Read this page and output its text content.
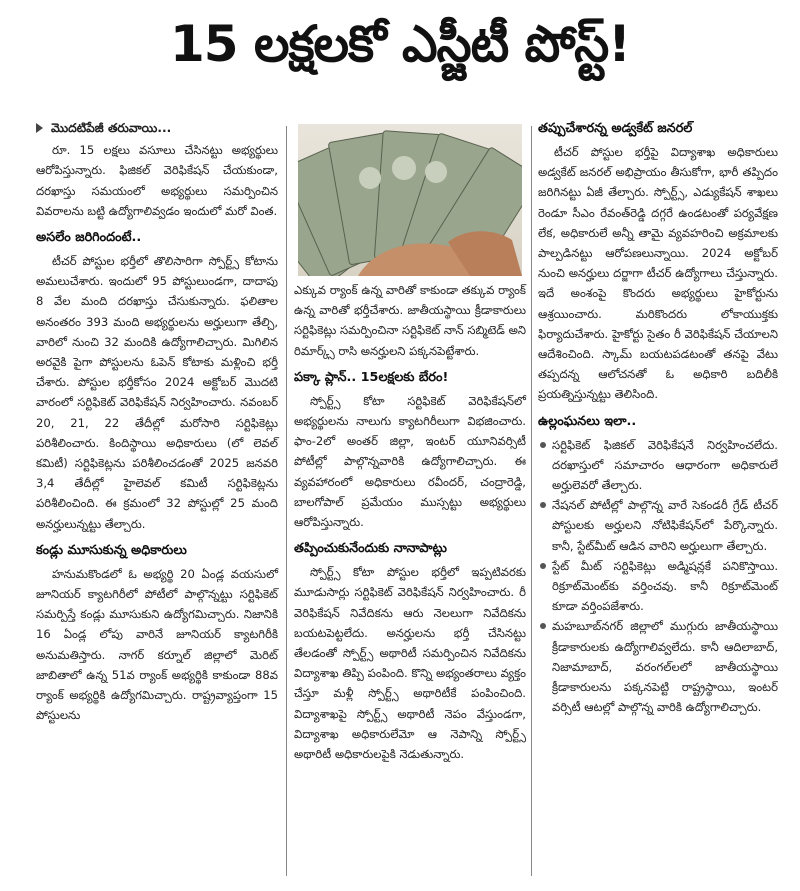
15 లక్షలకో ఎస్జీటీ పోస్ట్!
మొదటిపేజీ తరువాయి...

రూ. 15 లక్షలు వసూలు చేసినట్టు అభ్యర్థులు ఆరోపిస్తున్నారు. ఫిజికల్ వెరిఫికేషన్ చేయకుండా, దరఖాస్తు సమయంలో అభ్యర్థులు సమర్పించిన వివరాలను బట్టి ఉద్యోగాలివ్వడం ఇందులో మరో వింత.

అసలేం జరిగిందంటే..

టీచర్ పోస్టుల భర్తీలో తొలిసారిగా స్పోర్ట్స్ కోటాను అమలుచేశారు. ఇందులో 95 పోస్టులుండగా, దాదాపు 8 వేల మంది దరఖాస్తు చేసుకున్నారు. ఫలితాల అనంతరం 393 మంది అభ్యర్థులను అర్హులుగా తేల్చి, వారిలో నుంచి 32 మందికి ఉద్యోగాలిచ్చారు. మిగిలిన అరవైకి పైగా పోస్టులను ఓపెన్ కోటాకు మళ్లించి భర్తీ చేశారు. పోస్టుల భర్తీకోసం 2024 అక్టోబర్ మొదటి వారంలో సర్టిఫికెట్ వెరిఫికేషన్ నిర్వహించారు. నవంబర్ 20, 21, 22 తేదీల్లో మరోసారి సర్టిఫికెట్లు పరిశీలించారు. కిందిస్థాయి అధికారులు (లో లెవల్ కమిటీ) సర్టిఫికెట్లను పరిశీలించడంతో 2025 జనవరి 3,4 తేదీల్లో హైలెవల్ కమిటీ సర్టిఫికెట్లను పరిశీలించింది. ఈ క్రమంలో 32 పోస్టుల్లో 25 మంది అనర్హులున్నట్టు తేల్చారు.

కండ్లు మూసుకున్న అధికారులు

హనుమకొండలో ఓ అభ్యర్థి 20 ఏండ్ల వయసులో జూనియర్ క్యాటగిరీలో పోటీలో పాల్గొన్నట్టు సర్టిఫికెట్ సమర్పిస్తే కండ్లు మూసుకుని ఉద్యోగమిచ్చారు. నిజానికి 16 ఏండ్ల లోపు వారినే జూనియర్ క్యాటగిరీకి అనుమతిస్తారు. నాగర్ కర్నూల్ జిల్లాలో మెరిట్ జాబితాలో ఉన్న 51వ ర్యాంక్ అభ్యర్థికి కాకుండా 88వ ర్యాంక్ అభ్యర్థికి ఉద్యోగమిచ్చారు. రాష్ట్రవ్యాప్తంగా 15 పోస్టులను

ఎక్కువ ర్యాంక్ ఉన్న వారితో కాకుండా తక్కువ ర్యాంక్ ఉన్న వారితో భర్తీచేశారు. జాతీయస్థాయి క్రీడాకారులు సర్టిఫికెట్లు సమర్పించినా సర్టిఫికెట్ నాన్ సబ్మిటెడ్ అని రిమార్క్స్ రాసి అనర్హులని పక్కనపెట్టేశారు.

పక్కా ప్లాన్.. 15లక్షలకు బేరం!

స్పోర్ట్స్ కోటా సర్టిఫికెట్ వెరిఫికేషన్‌లో అభ్యర్థులను నాలుగు క్యాటగిరీలుగా విభజించారు. ఫాం-2లో అంతర్ జిల్లా, ఇంటర్ యూనివర్సిటీ పోటీల్లో పాల్గొన్నవారికి ఉద్యోగాలిచ్చారు. ఈ వ్యవహారంలో అధికారులు రవీందర్, చంద్రారెడ్డి, బాలగోపాల్ ప్రమేయం ముస్సట్టు అభ్యర్థులు ఆరోపిస్తున్నారు.

తప్పించుకునేందుకు నానాపాట్లు

స్పోర్ట్స్ కోటా పోస్టుల భర్తీలో ఇప్పటివరకు మూడుసార్లు సర్టిఫికెట్ వెరిఫికేషన్ నిర్వహించారు. రీ వెరిఫికేషన్ నివేదికను ఆరు నెలలుగా నివేదికను బయటపెట్టలేదు. అనర్హులను భర్తీ చేసినట్టు తేలడంతో స్పోర్ట్స్ అథారిటీ సమర్పించిన నివేదికను విద్యాశాఖ తిప్పి పంపింది. కొన్ని అభ్యంతరాలు వ్యక్తం చేస్తూ మళ్లీ స్పోర్ట్స్ అథారిటీకే పంపించింది. విద్యాశాఖపై స్పోర్ట్స్ అథారిటీ నెపం వేస్తుండగా, విద్యాశాఖ అధికారులేమో ఆ నెపాన్ని స్పోర్ట్స్ అథారిటీ అధికారులపైకి నెడుతున్నారు.

తప్పుచేశారన్న అడ్వకేట్ జనరల్

టీచర్ పోస్టుల భర్తీపై విద్యాశాఖ అధికారులు అడ్వకేట్ జనరల్ అభిప్రాయం తీసుకోగా, భారీ తప్పిదం జరిగినట్టు ఏజీ తేల్చారు. స్పోర్ట్స్, ఎడ్యుకేషన్ శాఖలు రెండూ సీఎం రేవంత్‌రెడ్డి దగ్గరే ఉండటంతో పర్యవేక్షణ లేక, అధికారులే అన్నీ తామై వ్యవహరించి అక్రమాలకు పాల్పడినట్టు ఆరోపణలున్నాయి. 2024 అక్టోబర్ నుంచి అనర్హులు దర్జాగా టీచర్ ఉద్యోగాలు చేస్తున్నారు. ఇదే అంశంపై కొందరు అభ్యర్థులు హైకోర్టును ఆశ్రయించారు. మరికొందరు లోకాయుక్తకు ఫిర్యాదుచేశారు. హైకోర్టు సైతం రీ వెరిఫికేషన్ చేయాలని ఆదేశించింది. స్కామ్ బయటపడటంతో తనపై వేటు తప్పదన్న ఆలోచనతో ఓ అధికారి బదిలీకి ప్రయత్నిస్తున్నట్టు తెలిసింది.

ఉల్లంఘనలు ఇలా..
సర్టిఫికెట్ ఫిజికల్ వెరిఫికేషనే నిర్వహించలేదు. దరఖాస్తులో సమాచారం ఆధారంగా అధికారులే అర్హులెవరో తేల్చారు.
నేషనల్ పోటీల్లో పాల్గొన్న వారే సెకండరీ గ్రేడ్ టీచర్ పోస్టులకు అర్హులని నోటిఫికేషన్‌లో పేర్కొన్నారు. కానీ, స్టేట్‌మీట్ ఆడిన వారిని అర్హులుగా తేల్చారు.
స్టేట్ మీట్ సర్టిఫికెట్లు అడ్మిషన్లకే పనికొస్తాయి. రిక్రూట్‌మెంట్‌కు వర్తించవు. కానీ రిక్రూట్‌మెంట్ కూడా వర్తింపజేశారు.
మహబూబ్‌నగర్ జిల్లాలో ముగ్గురు జాతీయస్థాయి క్రీడాకారులకు ఉద్యోగాలివ్వలేదు. కానీ ఆదిలాబాద్, నిజామాబాద్, వరంగల్‌లలో జాతీయస్థాయి క్రీడాకారులను పక్కనపెట్టి రాష్ట్రస్థాయి, ఇంటర్ వర్సిటీ ఆటల్లో పాల్గొన్న వారికి ఉద్యోగాలిచ్చారు.
